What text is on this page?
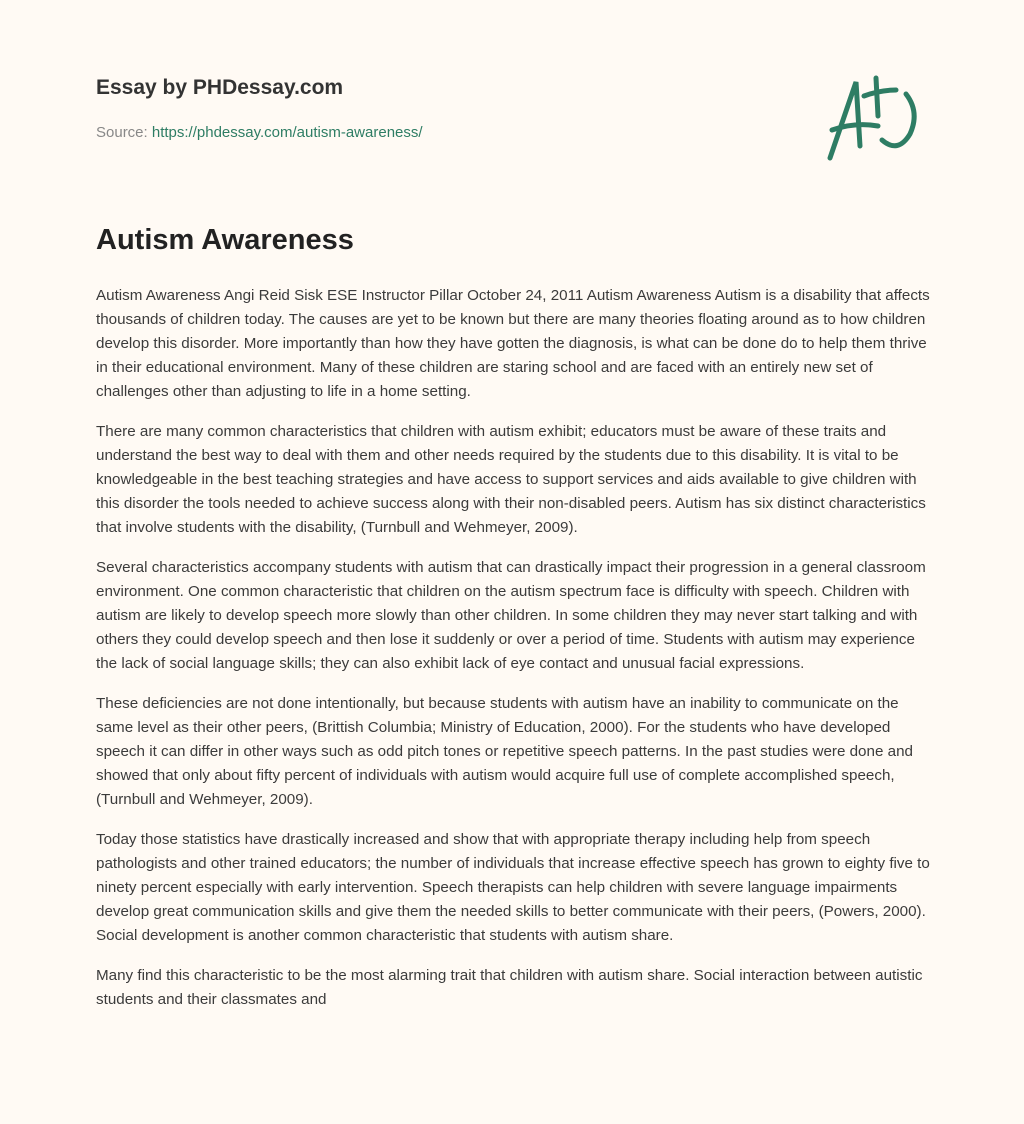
Essay by PHDessay.com
Source: https://phdessay.com/autism-awareness/
Autism Awareness

Autism Awareness Angi Reid Sisk ESE Instructor Pillar October 24, 2011 Autism Awareness Autism is a disability that affects thousands of children today. The causes are yet to be known but there are many theories floating around as to how children develop this disorder. More importantly than how they have gotten the diagnosis, is what can be done do to help them thrive in their educational environment. Many of these children are staring school and are faced with an entirely new set of challenges other than adjusting to life in a home setting.

There are many common characteristics that children with autism exhibit; educators must be aware of these traits and understand the best way to deal with them and other needs required by the students due to this disability. It is vital to be knowledgeable in the best teaching strategies and have access to support services and aids available to give children with this disorder the tools needed to achieve success along with their non-disabled peers. Autism has six distinct characteristics that involve students with the disability, (Turnbull and Wehmeyer, 2009).

Several characteristics accompany students with autism that can drastically impact their progression in a general classroom environment. One common characteristic that children on the autism spectrum face is difficulty with speech. Children with autism are likely to develop speech more slowly than other children. In some children they may never start talking and with others they could develop speech and then lose it suddenly or over a period of time. Students with autism may experience the lack of social language skills; they can also exhibit lack of eye contact and unusual facial expressions.

These deficiencies are not done intentionally, but because students with autism have an inability to communicate on the same level as their other peers, (Brittish Columbia; Ministry of Education, 2000). For the students who have developed speech it can differ in other ways such as odd pitch tones or repetitive speech patterns. In the past studies were done and showed that only about fifty percent of individuals with autism would acquire full use of complete accomplished speech, (Turnbull and Wehmeyer, 2009).

Today those statistics have drastically increased and show that with appropriate therapy including help from speech pathologists and other trained educators; the number of individuals that increase effective speech has grown to eighty five to ninety percent especially with early intervention. Speech therapists can help children with severe language impairments develop great communication skills and give them the needed skills to better communicate with their peers, (Powers, 2000). Social development is another common characteristic that students with autism share.

Many find this characteristic to be the most alarming trait that children with autism share. Social interaction between autistic students and their classmates and
